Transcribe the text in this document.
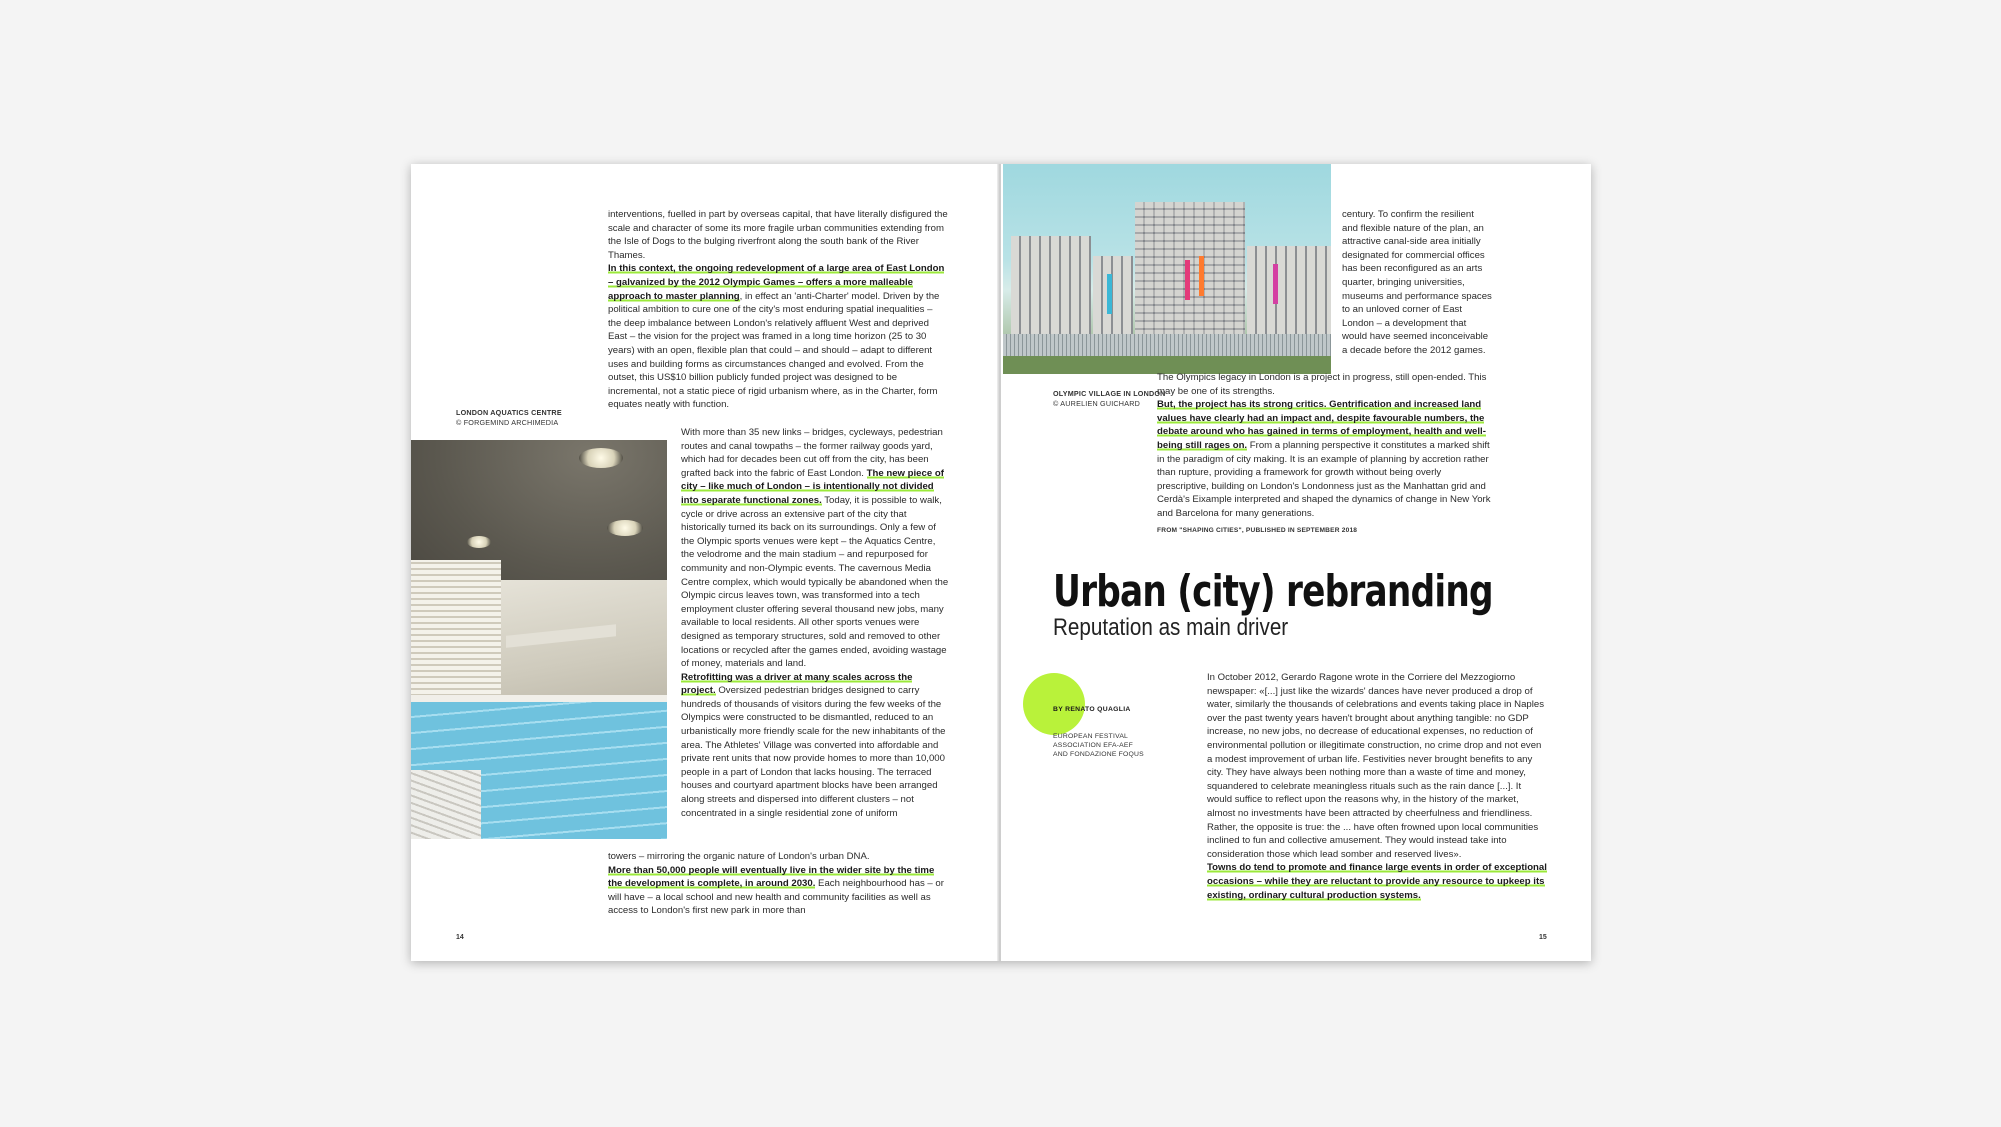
interventions, fuelled in part by overseas capital, that have literally disfigured the scale and character of some its more fragile urban communities extending from the Isle of Dogs to the bulging riverfront along the south bank of the River Thames.
In this context, the ongoing redevelopment of a large area of East London – galvanized by the 2012 Olympic Games – offers a more malleable approach to master planning, in effect an 'anti-Charter' model. Driven by the political ambition to cure one of the city's most enduring spatial inequalities – the deep imbalance between London's relatively affluent West and deprived East – the vision for the project was framed in a long time horizon (25 to 30 years) with an open, flexible plan that could – and should – adapt to different uses and building forms as circumstances changed and evolved. From the outset, this US$10 billion publicly funded project was designed to be incremental, not a static piece of rigid urbanism where, as in the Charter, form equates neatly with function.

LONDON AQUATICS CENTRE
© FORGEMIND ARCHIMEDIA

With more than 35 new links – bridges, cycleways, pedestrian routes and canal towpaths – the former railway goods yard, which had for decades been cut off from the city, has been grafted back into the fabric of East London. The new piece of city – like much of London – is intentionally not divided into separate functional zones. Today, it is possible to walk, cycle or drive across an extensive part of the city that historically turned its back on its surroundings. Only a few of the Olympic sports venues were kept – the Aquatics Centre, the velodrome and the main stadium – and repurposed for community and non-Olympic events. The cavernous Media Centre complex, which would typically be abandoned when the Olympic circus leaves town, was transformed into a tech employment cluster offering several thousand new jobs, many available to local residents. All other sports venues were designed as temporary structures, sold and removed to other locations or recycled after the games ended, avoiding wastage of money, materials and land.
Retrofitting was a driver at many scales across the project. Oversized pedestrian bridges designed to carry hundreds of thousands of visitors during the few weeks of the Olympics were constructed to be dismantled, reduced to an urbanistically more friendly scale for the new inhabitants of the area. The Athletes' Village was converted into affordable and private rent units that now provide homes to more than 10,000 people in a part of London that lacks housing. The terraced houses and courtyard apartment blocks have been arranged along streets and dispersed into different clusters – not concentrated in a single residential zone of uniform

towers – mirroring the organic nature of London's urban DNA.
More than 50,000 people will eventually live in the wider site by the time the development is complete, in around 2030. Each neighbourhood has – or will have – a local school and new health and community facilities as well as access to London's first new park in more than

14

century. To confirm the resilient and flexible nature of the plan, an attractive canal-side area initially designated for commercial offices has been reconfigured as an arts quarter, bringing universities, museums and performance spaces to an unloved corner of East London – a development that would have seemed inconceivable a decade before the 2012 games.

OLYMPIC VILLAGE IN LONDON
© AURELIEN GUICHARD

The Olympics legacy in London is a project in progress, still open-ended. This may be one of its strengths.
But, the project has its strong critics. Gentrification and increased land values have clearly had an impact and, despite favourable numbers, the debate around who has gained in terms of employment, health and well-being still rages on. From a planning perspective it constitutes a marked shift in the paradigm of city making. It is an example of planning by accretion rather than rupture, providing a framework for growth without being overly prescriptive, building on London's Londonness just as the Manhattan grid and Cerdà's Eixample interpreted and shaped the dynamics of change in New York and Barcelona for many generations.

FROM "SHAPING CITIES", PUBLISHED IN SEPTEMBER 2018
Urban (city) rebranding
Reputation as main driver
BY RENATO QUAGLIA
EUROPEAN FESTIVAL
ASSOCIATION EFA-AEF
AND FONDAZIONE FOQUS

In October 2012, Gerardo Ragone wrote in the Corriere del Mezzogiorno newspaper: «[...] just like the wizards' dances have never produced a drop of water, similarly the thousands of celebrations and events taking place in Naples over the past twenty years haven't brought about anything tangible: no GDP increase, no new jobs, no decrease of educational expenses, no reduction of environmental pollution or illegitimate construction, no crime drop and not even a modest improvement of urban life. Festivities never brought benefits to any city. They have always been nothing more than a waste of time and money, squandered to celebrate meaningless rituals such as the rain dance [...]. It would suffice to reflect upon the reasons why, in the history of the market, almost no investments have been attracted by cheerfulness and friendliness. Rather, the opposite is true: the ... have often frowned upon local communities inclined to fun and collective amusement. They would instead take into consideration those which lead somber and reserved lives».
Towns do tend to promote and finance large events in order of exceptional occasions – while they are reluctant to provide any resource to upkeep its existing, ordinary cultural production systems.

15
